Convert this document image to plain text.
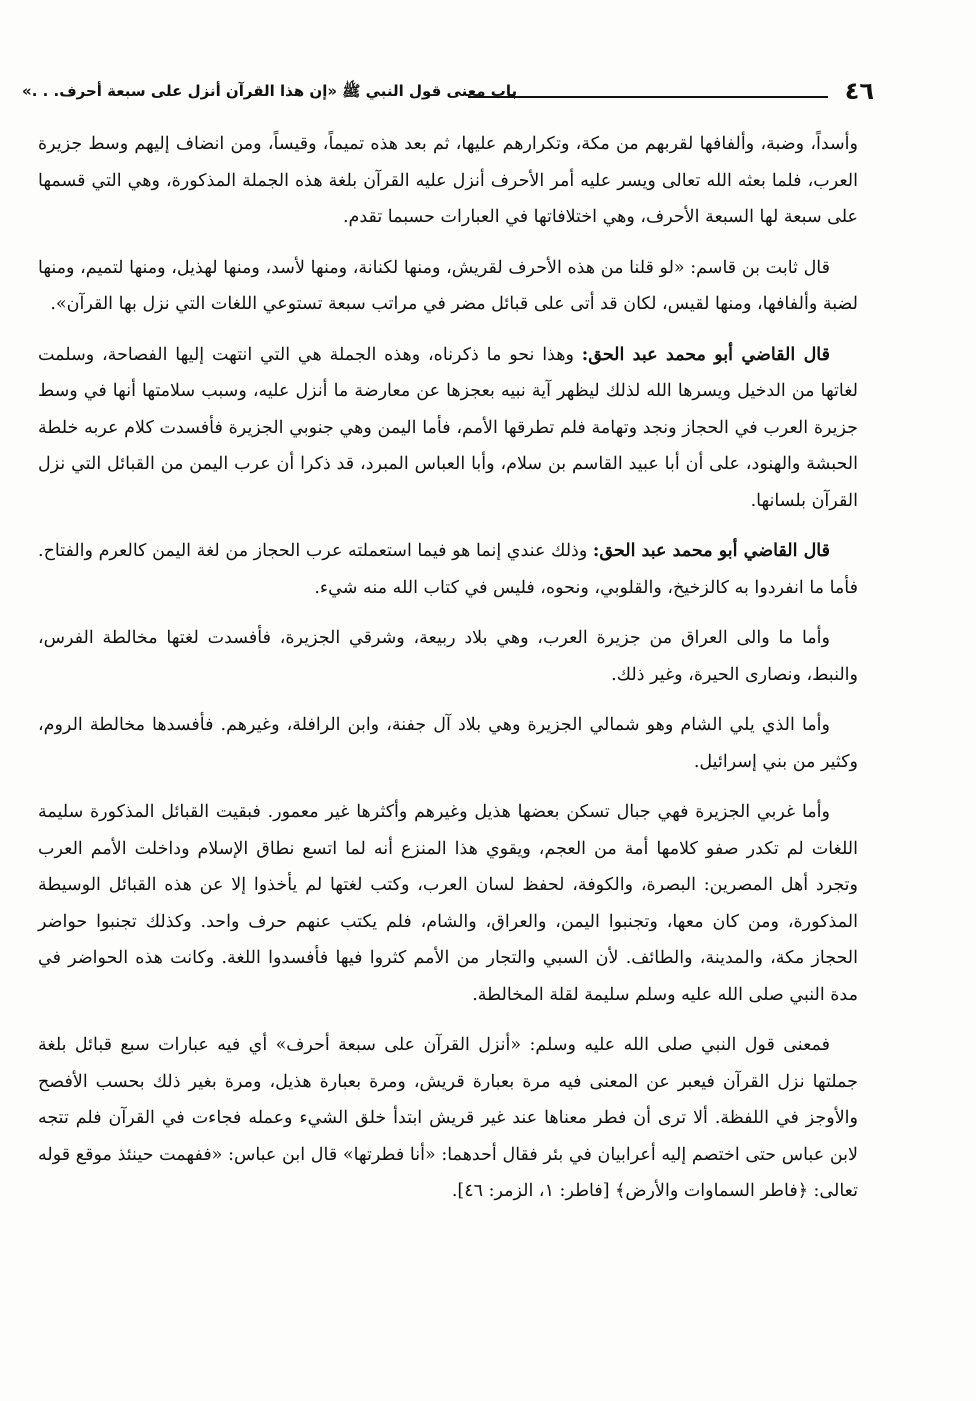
٤٦
باب معنى قول النبي ﷺ «إن هذا القرآن أنزل على سبعة أحرف. . .»

وأسداً، وضبة، وألفافها لقربهم من مكة، وتكرارهم عليها، ثم بعد هذه تميماً، وقيساً، ومن انضاف إليهم وسط جزيرة العرب، فلما بعثه الله تعالى ويسر عليه أمر الأحرف أنزل عليه القرآن بلغة هذه الجملة المذكورة، وهي التي قسمها على سبعة لها السبعة الأحرف، وهي اختلافاتها في العبارات حسبما تقدم.

قال ثابت بن قاسم: «لو قلنا من هذه الأحرف لقريش، ومنها لكنانة، ومنها لأسد، ومنها لهذيل، ومنها لتميم، ومنها لضبة وألفافها، ومنها لقيس، لكان قد أتى على قبائل مضر في مراتب سبعة تستوعي اللغات التي نزل بها القرآن».

قال القاضي أبو محمد عبد الحق: وهذا نحو ما ذكرناه، وهذه الجملة هي التي انتهت إليها الفصاحة، وسلمت لغاتها من الدخيل ويسرها الله لذلك ليظهر آية نبيه بعجزها عن معارضة ما أنزل عليه، وسبب سلامتها أنها في وسط جزيرة العرب في الحجاز ونجد وتهامة فلم تطرقها الأمم، فأما اليمن وهي جنوبي الجزيرة فأفسدت كلام عربه خلطة الحبشة والهنود، على أن أبا عبيد القاسم بن سلام، وأبا العباس المبرد، قد ذكرا أن عرب اليمن من القبائل التي نزل القرآن بلسانها.

قال القاضي أبو محمد عبد الحق: وذلك عندي إنما هو فيما استعملته عرب الحجاز من لغة اليمن كالعرم والفتاح. فأما ما انفردوا به كالزخيخ، والقلوبي، ونحوه، فليس في كتاب الله منه شيء.

وأما ما والى العراق من جزيرة العرب، وهي بلاد ربيعة، وشرقي الجزيرة، فأفسدت لغتها مخالطة الفرس، والنبط، ونصارى الحيرة، وغير ذلك.

وأما الذي يلي الشام وهو شمالي الجزيرة وهي بلاد آل جفنة، وابن الرافلة، وغيرهم. فأفسدها مخالطة الروم، وكثير من بني إسرائيل.

وأما غربي الجزيرة فهي جبال تسكن بعضها هذيل وغيرهم وأكثرها غير معمور. فبقيت القبائل المذكورة سليمة اللغات لم تكدر صفو كلامها أمة من العجم، ويقوي هذا المنزع أنه لما اتسع نطاق الإسلام وداخلت الأمم العرب وتجرد أهل المصرين: البصرة، والكوفة، لحفظ لسان العرب، وكتب لغتها لم يأخذوا إلا عن هذه القبائل الوسيطة المذكورة، ومن كان معها، وتجنبوا اليمن، والعراق، والشام، فلم يكتب عنهم حرف واحد. وكذلك تجنبوا حواضر الحجاز مكة، والمدينة، والطائف. لأن السبي والتجار من الأمم كثروا فيها فأفسدوا اللغة. وكانت هذه الحواضر في مدة النبي صلى الله عليه وسلم سليمة لقلة المخالطة.

فمعنى قول النبي صلى الله عليه وسلم: «أنزل القرآن على سبعة أحرف» أي فيه عبارات سبع قبائل بلغة جملتها نزل القرآن فيعبر عن المعنى فيه مرة بعبارة قريش، ومرة بعبارة هذيل، ومرة بغير ذلك بحسب الأفصح والأوجز في اللفظة. ألا ترى أن فطر معناها عند غير قريش ابتدأ خلق الشيء وعمله فجاءت في القرآن فلم تتجه لابن عباس حتى اختصم إليه أعرابيان في بئر فقال أحدهما: «أنا فطرتها» قال ابن عباس: «ففهمت حينئذ موقع قوله تعالى: ﴿فاطر السماوات والأرض﴾ [فاطر: ١، الزمر: ٤٦].
